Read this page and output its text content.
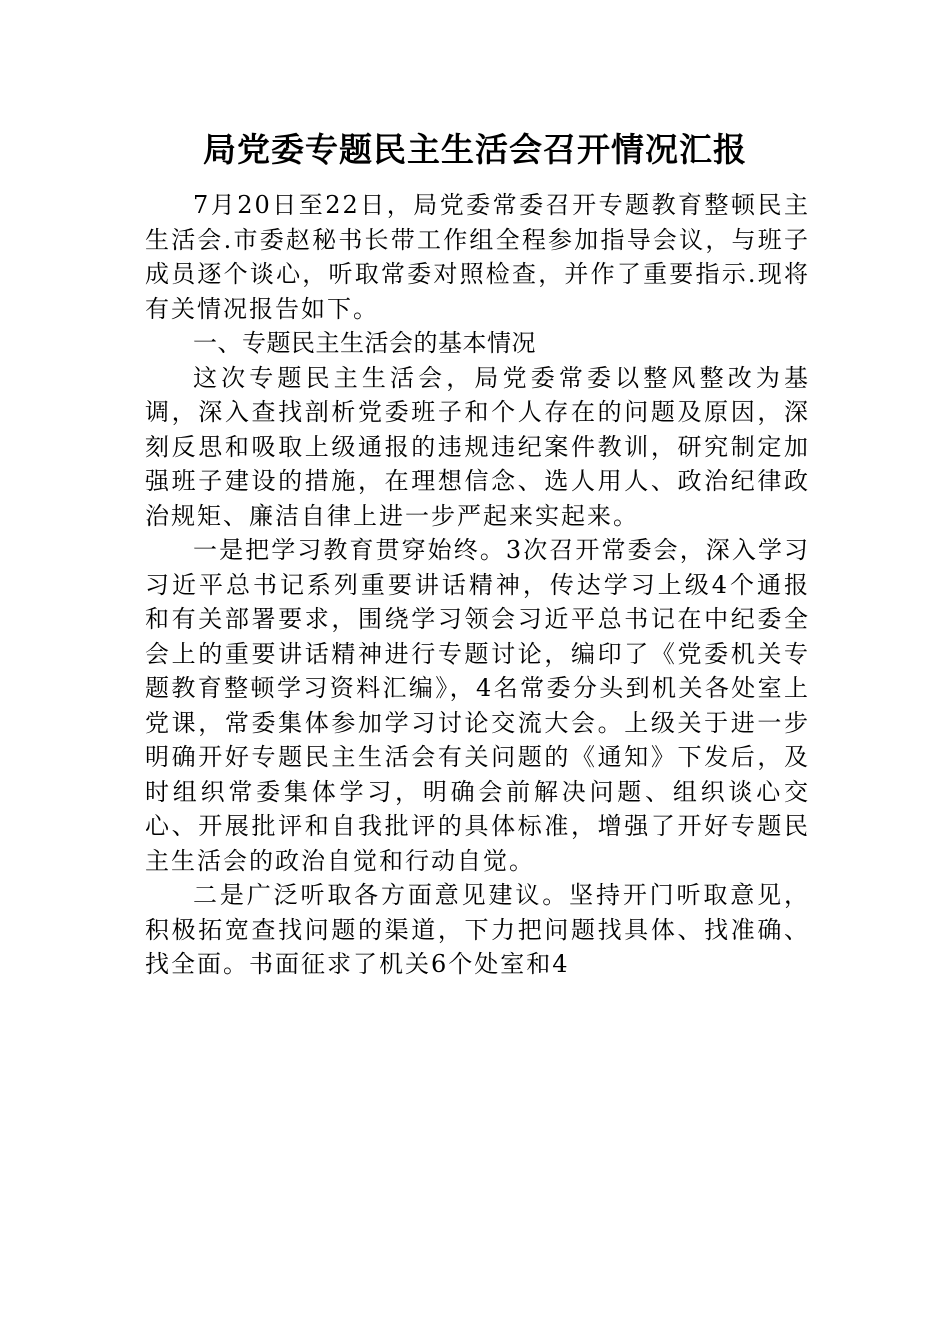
局党委专题民主生活会召开情况汇报

7月20日至22日，局党委常委召开专题教育整顿民主生活会.市委赵秘书长带工作组全程参加指导会议，与班子成员逐个谈心，听取常委对照检查，并作了重要指示.现将有关情况报告如下。

一、专题民主生活会的基本情况

这次专题民主生活会，局党委常委以整风整改为基调，深入查找剖析党委班子和个人存在的问题及原因，深刻反思和吸取上级通报的违规违纪案件教训，研究制定加强班子建设的措施，在理想信念、选人用人、政治纪律政治规矩、廉洁自律上进一步严起来实起来。

一是把学习教育贯穿始终。3次召开常委会，深入学习习近平总书记系列重要讲话精神，传达学习上级4个通报和有关部署要求，围绕学习领会习近平总书记在中纪委全会上的重要讲话精神进行专题讨论，编印了《党委机关专题教育整顿学习资料汇编》，4名常委分头到机关各处室上党课，常委集体参加学习讨论交流大会。上级关于进一步明确开好专题民主生活会有关问题的《通知》下发后，及时组织常委集体学习，明确会前解决问题、组织谈心交心、开展批评和自我批评的具体标准，增强了开好专题民主生活会的政治自觉和行动自觉。

二是广泛听取各方面意见建议。坚持开门听取意见，积极拓宽查找问题的渠道，下力把问题找具体、找准确、找全面。书面征求了机关6个处室和4
